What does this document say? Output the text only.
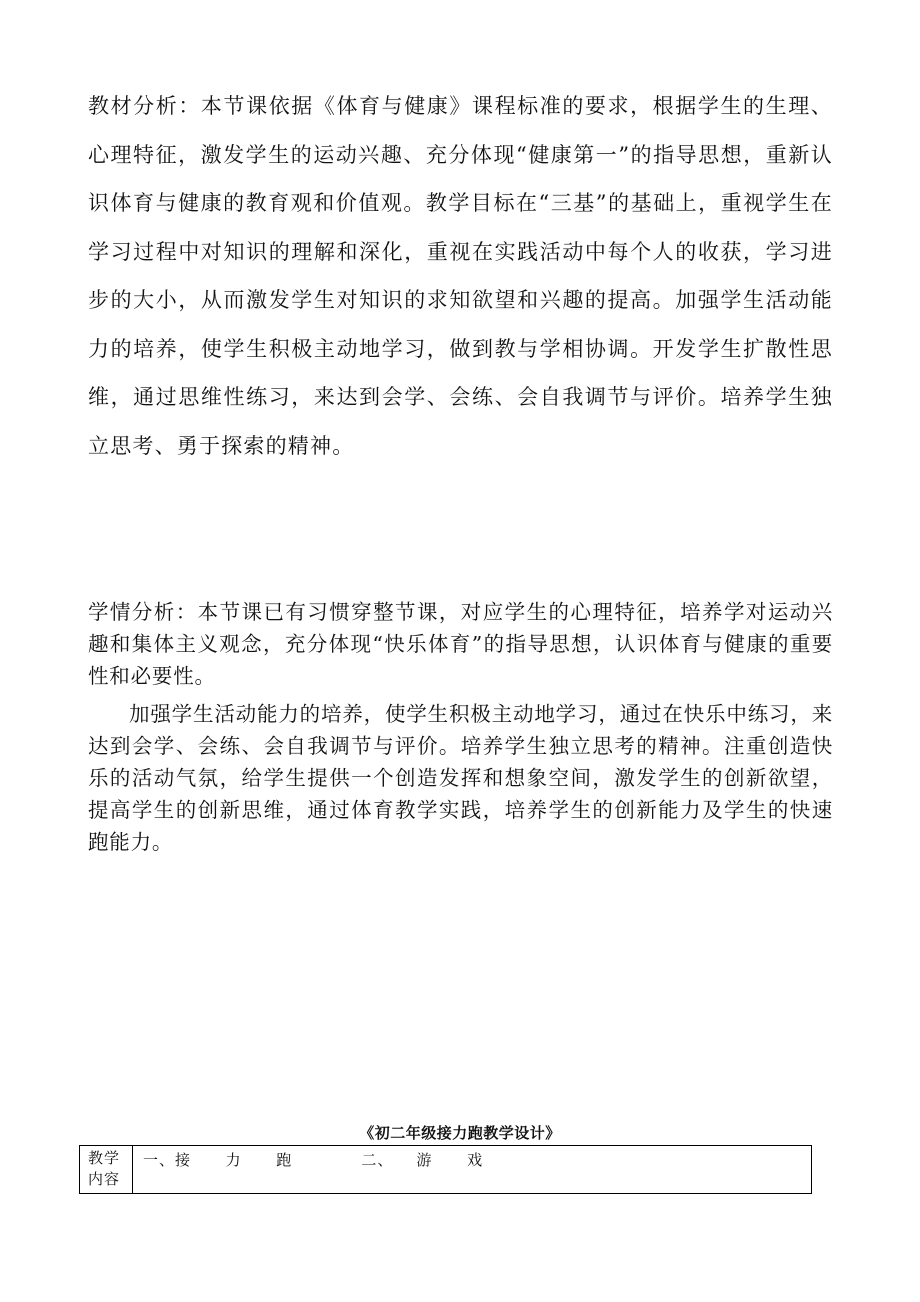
教材分析：本节课依据《体育与健康》课程标准的要求，根据学生的生理、心理特征，激发学生的运动兴趣、充分体现“健康第一”的指导思想，重新认识体育与健康的教育观和价值观。教学目标在“三基”的基础上，重视学生在学习过程中对知识的理解和深化，重视在实践活动中每个人的收获，学习进步的大小，从而激发学生对知识的求知欲望和兴趣的提高。加强学生活动能力的培养，使学生积极主动地学习，做到教与学相协调。开发学生扩散性思维，通过思维性练习，来达到会学、会练、会自我调节与评价。培养学生独立思考、勇于探索的精神。

学情分析：本节课已有习惯穿整节课，对应学生的心理特征，培养学对运动兴趣和集体主义观念，充分体现“快乐体育”的指导思想，认识体育与健康的重要性和必要性。

加强学生活动能力的培养，使学生积极主动地学习，通过在快乐中练习，来达到会学、会练、会自我调节与评价。培养学生独立思考的精神。注重创造快乐的活动气氛，给学生提供一个创造发挥和想象空间，激发学生的创新欲望，提高学生的创新思维，通过体育教学实践，培养学生的创新能力及学生的快速跑能力。

《初二年级接力跑教学设计》
教学内容
一、接      力      跑            二、    游      戏
